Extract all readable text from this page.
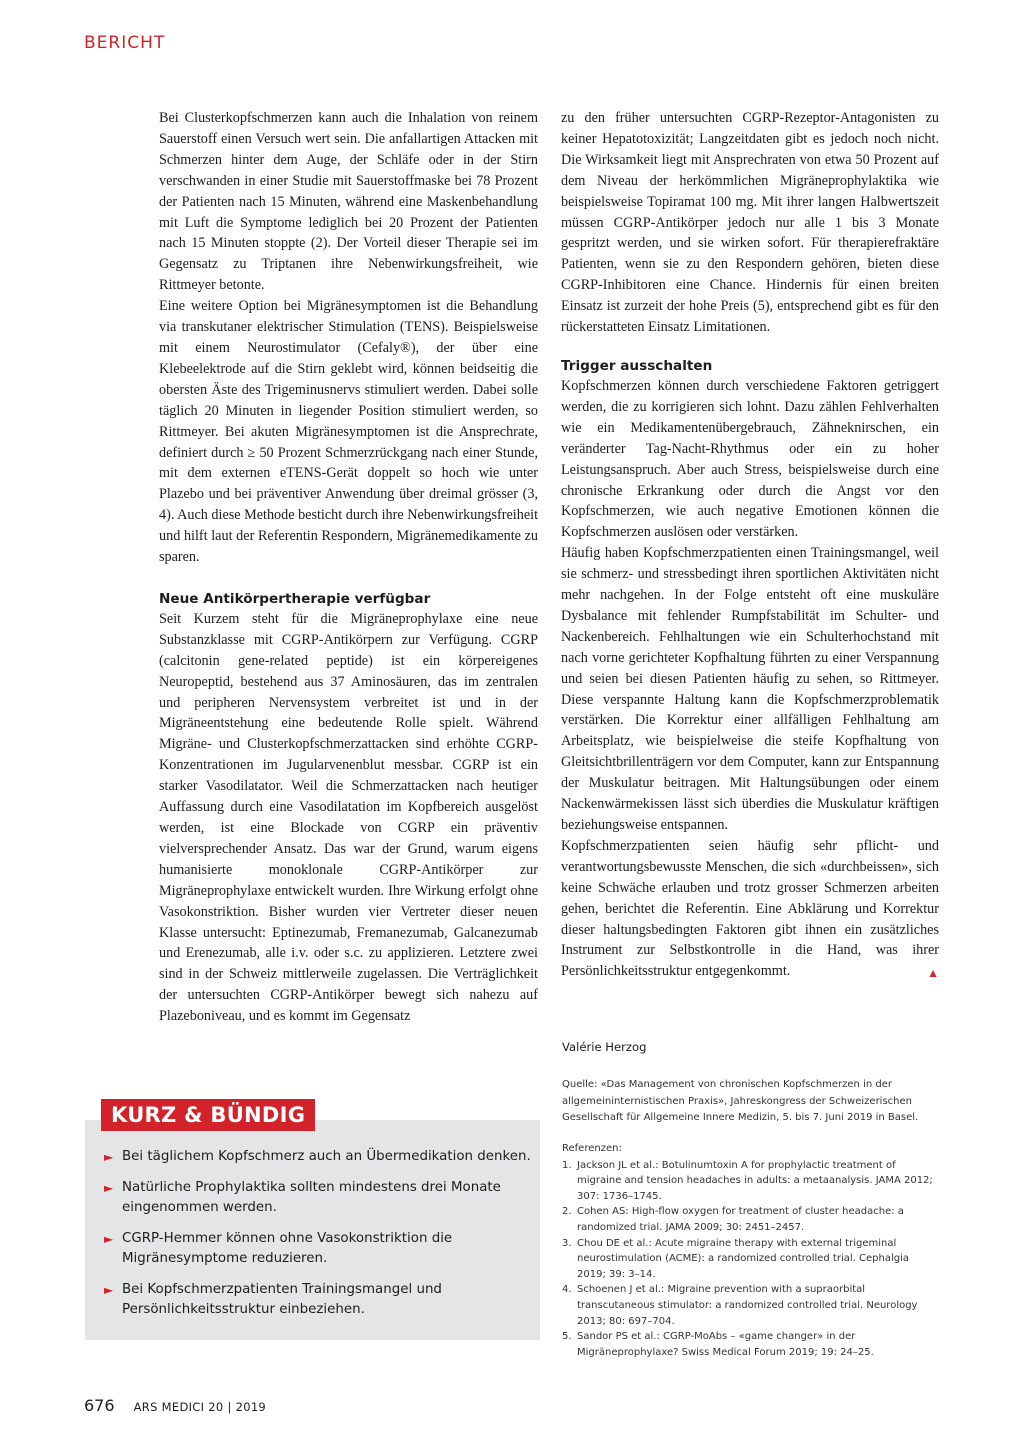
BERICHT

Bei Clusterkopfschmerzen kann auch die Inhalation von reinem Sauerstoff einen Versuch wert sein. Die anfallartigen Attacken mit Schmerzen hinter dem Auge, der Schläfe oder in der Stirn verschwanden in einer Studie mit Sauerstoffmaske bei 78 Prozent der Patienten nach 15 Minuten, während eine Maskenbehandlung mit Luft die Symptome lediglich bei 20 Prozent der Patienten nach 15 Minuten stoppte (2). Der Vorteil dieser Therapie sei im Gegensatz zu Triptanen ihre Nebenwirkungsfreiheit, wie Rittmeyer betonte.

Eine weitere Option bei Migränesymptomen ist die Behandlung via transkutaner elektrischer Stimulation (TENS). Beispielsweise mit einem Neurostimulator (Cefaly®), der über eine Klebeelektrode auf die Stirn geklebt wird, können beidseitig die obersten Äste des Trigeminusnervs stimuliert werden. Dabei solle täglich 20 Minuten in liegender Position stimuliert werden, so Rittmeyer. Bei akuten Migränesymptomen ist die Ansprechrate, definiert durch ≥ 50 Prozent Schmerzrückgang nach einer Stunde, mit dem externen eTENS-Gerät doppelt so hoch wie unter Plazebo und bei präventiver Anwendung über dreimal grösser (3, 4). Auch diese Methode besticht durch ihre Nebenwirkungsfreiheit und hilft laut der Referentin Respondern, Migränemedikamente zu sparen.

Neue Antikörpertherapie verfügbar

Seit Kurzem steht für die Migräneprophylaxe eine neue Substanzklasse mit CGRP-Antikörpern zur Verfügung. CGRP (calcitonin gene-related peptide) ist ein körpereigenes Neuropeptid, bestehend aus 37 Aminosäuren, das im zentralen und peripheren Nervensystem verbreitet ist und in der Migräneentstehung eine bedeutende Rolle spielt. Während Migräne- und Clusterkopfschmerzattacken sind erhöhte CGRP-Konzentrationen im Jugularvenenblut messbar. CGRP ist ein starker Vasodilatator. Weil die Schmerzattacken nach heutiger Auffassung durch eine Vasodilatation im Kopfbereich ausgelöst werden, ist eine Blockade von CGRP ein präventiv vielversprechender Ansatz. Das war der Grund, warum eigens humanisierte monoklonale CGRP-Antikörper zur Migräneprophylaxe entwickelt wurden. Ihre Wirkung erfolgt ohne Vasokonstriktion. Bisher wurden vier Vertreter dieser neuen Klasse untersucht: Eptinezumab, Fremanezumab, Galcanezumab und Erenezumab, alle i.v. oder s.c. zu applizieren. Letztere zwei sind in der Schweiz mittlerweile zugelassen. Die Verträglichkeit der untersuchten CGRP-Antikörper bewegt sich nahezu auf Plazeboniveau, und es kommt im Gegensatz

zu den früher untersuchten CGRP-Rezeptor-Antagonisten zu keiner Hepatotoxizität; Langzeitdaten gibt es jedoch noch nicht. Die Wirksamkeit liegt mit Ansprechraten von etwa 50 Prozent auf dem Niveau der herkömmlichen Migräneprophylaktika wie beispielsweise Topiramat 100 mg. Mit ihrer langen Halbwertszeit müssen CGRP-Antikörper jedoch nur alle 1 bis 3 Monate gespritzt werden, und sie wirken sofort. Für therapierefraktäre Patienten, wenn sie zu den Respondern gehören, bieten diese CGRP-Inhibitoren eine Chance. Hindernis für einen breiten Einsatz ist zurzeit der hohe Preis (5), entsprechend gibt es für den rückerstatteten Einsatz Limitationen.

Trigger ausschalten

Kopfschmerzen können durch verschiedene Faktoren getriggert werden, die zu korrigieren sich lohnt. Dazu zählen Fehlverhalten wie ein Medikamentenübergebrauch, Zähneknirschen, ein veränderter Tag-Nacht-Rhythmus oder ein zu hoher Leistungsanspruch. Aber auch Stress, beispielsweise durch eine chronische Erkrankung oder durch die Angst vor den Kopfschmerzen, wie auch negative Emotionen können die Kopfschmerzen auslösen oder verstärken.

Häufig haben Kopfschmerzpatienten einen Trainingsmangel, weil sie schmerz- und stressbedingt ihren sportlichen Aktivitäten nicht mehr nachgehen. In der Folge entsteht oft eine muskuläre Dysbalance mit fehlender Rumpfstabilität im Schulter- und Nackenbereich. Fehlhaltungen wie ein Schulterhochstand mit nach vorne gerichteter Kopfhaltung führten zu einer Verspannung und seien bei diesen Patienten häufig zu sehen, so Rittmeyer. Diese verspannte Haltung kann die Kopfschmerzproblematik verstärken. Die Korrektur einer allfälligen Fehlhaltung am Arbeitsplatz, wie beispielweise die steife Kopfhaltung von Gleitsichtbrillenträgern vor dem Computer, kann zur Entspannung der Muskulatur beitragen. Mit Haltungsübungen oder einem Nackenwärmekissen lässt sich überdies die Muskulatur kräftigen beziehungsweise entspannen.

Kopfschmerzpatienten seien häufig sehr pflicht- und verantwortungsbewusste Menschen, die sich «durchbeissen», sich keine Schwäche erlauben und trotz grosser Schmerzen arbeiten gehen, berichtet die Referentin. Eine Abklärung und Korrektur dieser haltungsbedingten Faktoren gibt ihnen ein zusätzliches Instrument zur Selbstkontrolle in die Hand, was ihrer Persönlichkeitsstruktur entgegenkommt.	▲

Valérie Herzog
Quelle: «Das Management von chronischen Kopfschmerzen in der allgemeininternistischen Praxis», Jahreskongress der Schweizerischen Gesellschaft für Allgemeine Innere Medizin, 5. bis 7. Juni 2019 in Basel.

Referenzen:

1. Jackson JL et al.: Botulinumtoxin A for prophylactic treatment of migraine and tension headaches in adults: a metaanalysis. JAMA 2012; 307: 1736–1745.
2. Cohen AS: High-flow oxygen for treatment of cluster headache: a randomized trial. JAMA 2009; 30: 2451–2457.
3. Chou DE et al.: Acute migraine therapy with external trigeminal neurostimulation (ACME): a randomized controlled trial. Cephalgia 2019; 39: 3–14.
4. Schoenen J et al.: Migraine prevention with a supraorbital transcutaneous stimulator: a randomized controlled trial. Neurology 2013; 80: 697–704.
5. Sandor PS et al.: CGRP-MoAbs – «game changer» in der Migräneprophylaxe? Swiss Medical Forum 2019; 19: 24–25.
KURZ & BÜNDIG
► Bei täglichem Kopfschmerz auch an Übermedikation denken.
► Natürliche Prophylaktika sollten mindestens drei Monate eingenommen werden.
► CGRP-Hemmer können ohne Vasokonstriktion die Migränesymptome reduzieren.
► Bei Kopfschmerzpatienten Trainingsmangel und Persönlichkeitsstruktur einbeziehen.
676 ARS MEDICI 20 | 2019
